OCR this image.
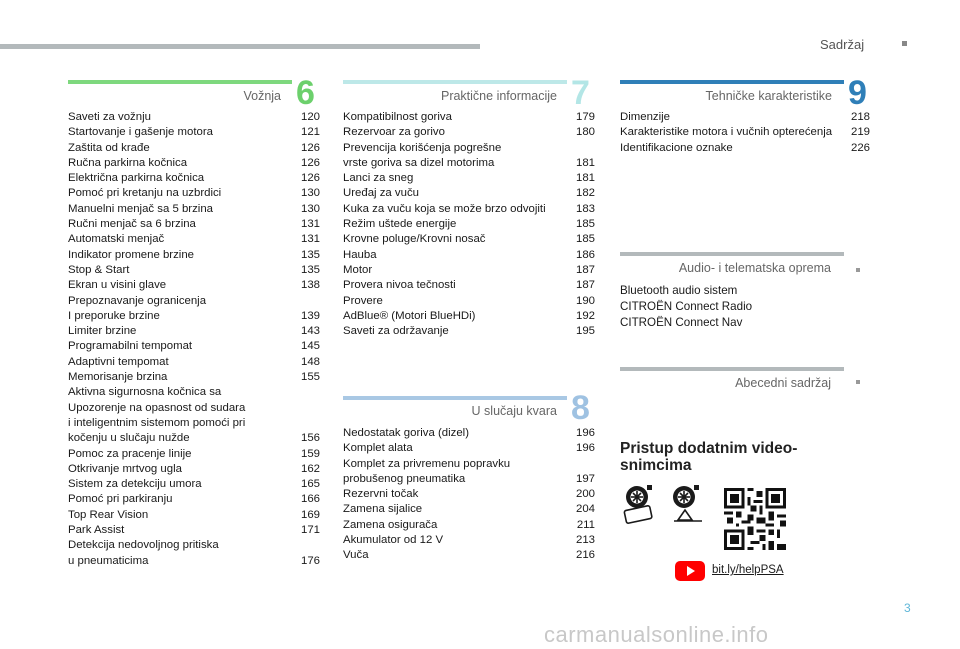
Sadržaj
Vožnja 6
Saveti za vožnju	120
Startovanje i gašenje motora	121
Zaštita od krađe	126
Ručna parkirna kočnica	126
Električna parkirna kočnica	126
Pomoć pri kretanju na uzbrdici	130
Manuelni menjač sa 5 brzina	130
Ručni menjač sa 6 brzina	131
Automatski menjač	131
Indikator promene brzine	135
Stop & Start	135
Ekran u visini glave	138
Prepoznavanje ogranicenja
I preporuke brzine	139
Limiter brzine	143
Programabilni tempomat	145
Adaptivni tempomat	148
Memorisanje brzina	155
Aktivna sigurnosna kočnica sa
Upozorenje na opasnost od sudara
i inteligentnim sistemom pomoći pri
kočenju u slučaju nužde	156
Pomoc za pracenje linije	159
Otkrivanje mrtvog ugla	162
Sistem za detekciju umora	165
Pomoć pri parkiranju	166
Top Rear Vision	169
Park Assist	171
Detekcija nedovoljnog pritiska
u pneumaticima	176
Praktične informacije 7
Kompatibilnost goriva	179
Rezervoar za gorivo	180
Prevencija korišćenja pogrešne
vrste goriva sa dizel motorima	181
Lanci za sneg	181
Uređaj za vuču	182
Kuka za vuču koja se može brzo odvojiti	183
Režim uštede energije	185
Krovne poluge/Krovni nosač	185
Hauba	186
Motor	187
Provera nivoa tečnosti	187
Provere	190
AdBlue® (Motori BlueHDi)	192
Saveti za održavanje	195
U slučaju kvara 8
Nedostatak goriva (dizel)	196
Komplet alata	196
Komplet za privremenu popravku
probušenog pneumatika	197
Rezervni točak	200
Zamena sijalice	204
Zamena osigurača	211
Akumulator od 12 V	213
Vuča	216
Tehničke karakteristike 9
Dimenzije	218
Karakteristike motora i vučnih opterećenja	219
Identifikacione oznake	226
Audio- i telematska oprema
Bluetooth audio sistem
CITROËN Connect Radio
CITROËN Connect Nav
Abecedni sadržaj
Pristup dodatnim video-
snimcima
bit.ly/helpPSA
3
carmanualsonline.info
